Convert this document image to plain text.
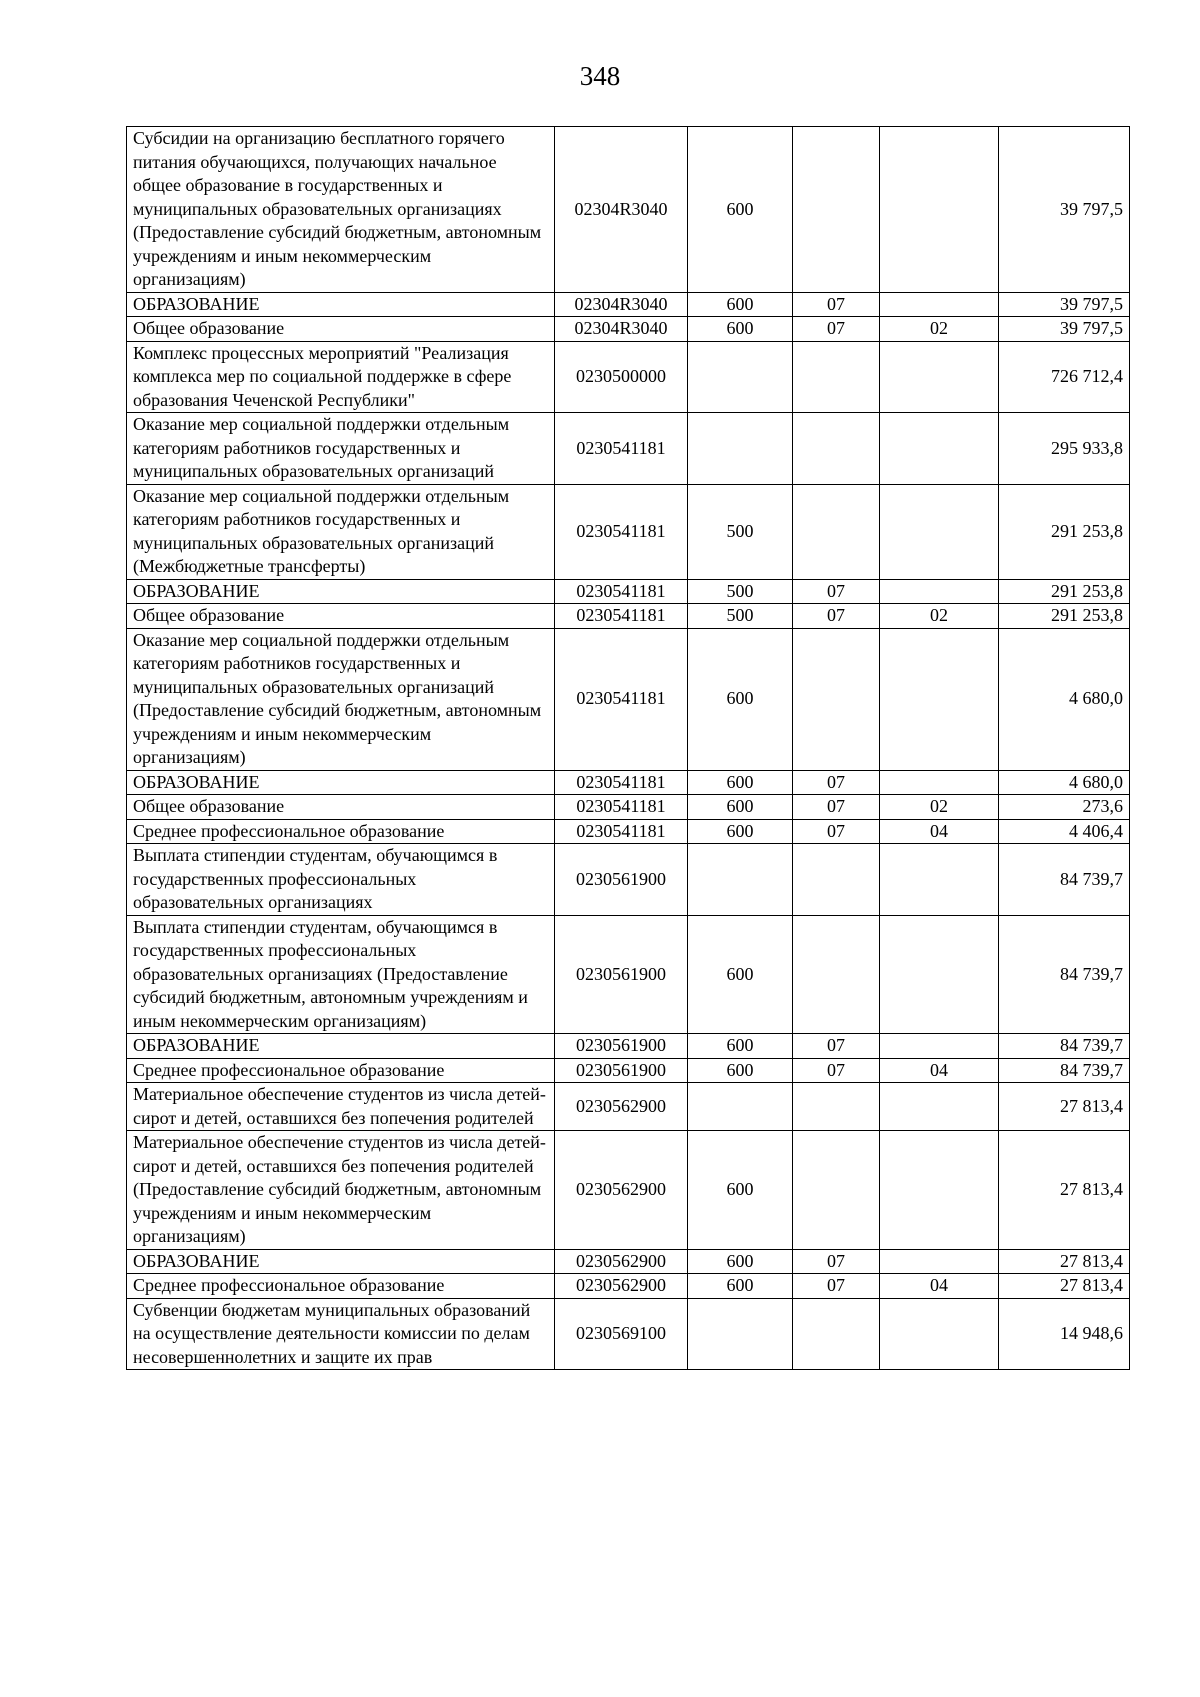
348
Субсидии на организацию бесплатного горячего питания обучающихся, получающих начальное общее образование в государственных и муниципальных образовательных организациях (Предоставление субсидий бюджетным, автономным учреждениям и иным некоммерческим организациям)	02304R3040	600			39 797,5
ОБРАЗОВАНИЕ	02304R3040	600	07		39 797,5
Общее образование	02304R3040	600	07	02	39 797,5
Комплекс процессных мероприятий "Реализация комплекса мер по социальной поддержке в сфере образования Чеченской Республики"	0230500000				726 712,4
Оказание мер социальной поддержки отдельным категориям работников государственных и муниципальных образовательных организаций	0230541181				295 933,8
Оказание мер социальной поддержки отдельным категориям работников государственных и муниципальных образовательных организаций (Межбюджетные трансферты)	0230541181	500			291 253,8
ОБРАЗОВАНИЕ	0230541181	500	07		291 253,8
Общее образование	0230541181	500	07	02	291 253,8
Оказание мер социальной поддержки отдельным категориям работников государственных и муниципальных образовательных организаций (Предоставление субсидий бюджетным, автономным учреждениям и иным некоммерческим организациям)	0230541181	600			4 680,0
ОБРАЗОВАНИЕ	0230541181	600	07		4 680,0
Общее образование	0230541181	600	07	02	273,6
Среднее профессиональное образование	0230541181	600	07	04	4 406,4
Выплата стипендии студентам, обучающимся в государственных профессиональных образовательных организациях	0230561900				84 739,7
Выплата стипендии студентам, обучающимся в государственных профессиональных образовательных организациях (Предоставление субсидий бюджетным, автономным учреждениям и иным некоммерческим организациям)	0230561900	600			84 739,7
ОБРАЗОВАНИЕ	0230561900	600	07		84 739,7
Среднее профессиональное образование	0230561900	600	07	04	84 739,7
Материальное обеспечение студентов из числа детей-сирот и детей, оставшихся без попечения родителей	0230562900				27 813,4
Материальное обеспечение студентов из числа детей-сирот и детей, оставшихся без попечения родителей (Предоставление субсидий бюджетным, автономным учреждениям и иным некоммерческим организациям)	0230562900	600			27 813,4
ОБРАЗОВАНИЕ	0230562900	600	07		27 813,4
Среднее профессиональное образование	0230562900	600	07	04	27 813,4
Субвенции бюджетам муниципальных образований на осуществление деятельности комиссии по делам несовершеннолетних и защите их прав	0230569100				14 948,6
